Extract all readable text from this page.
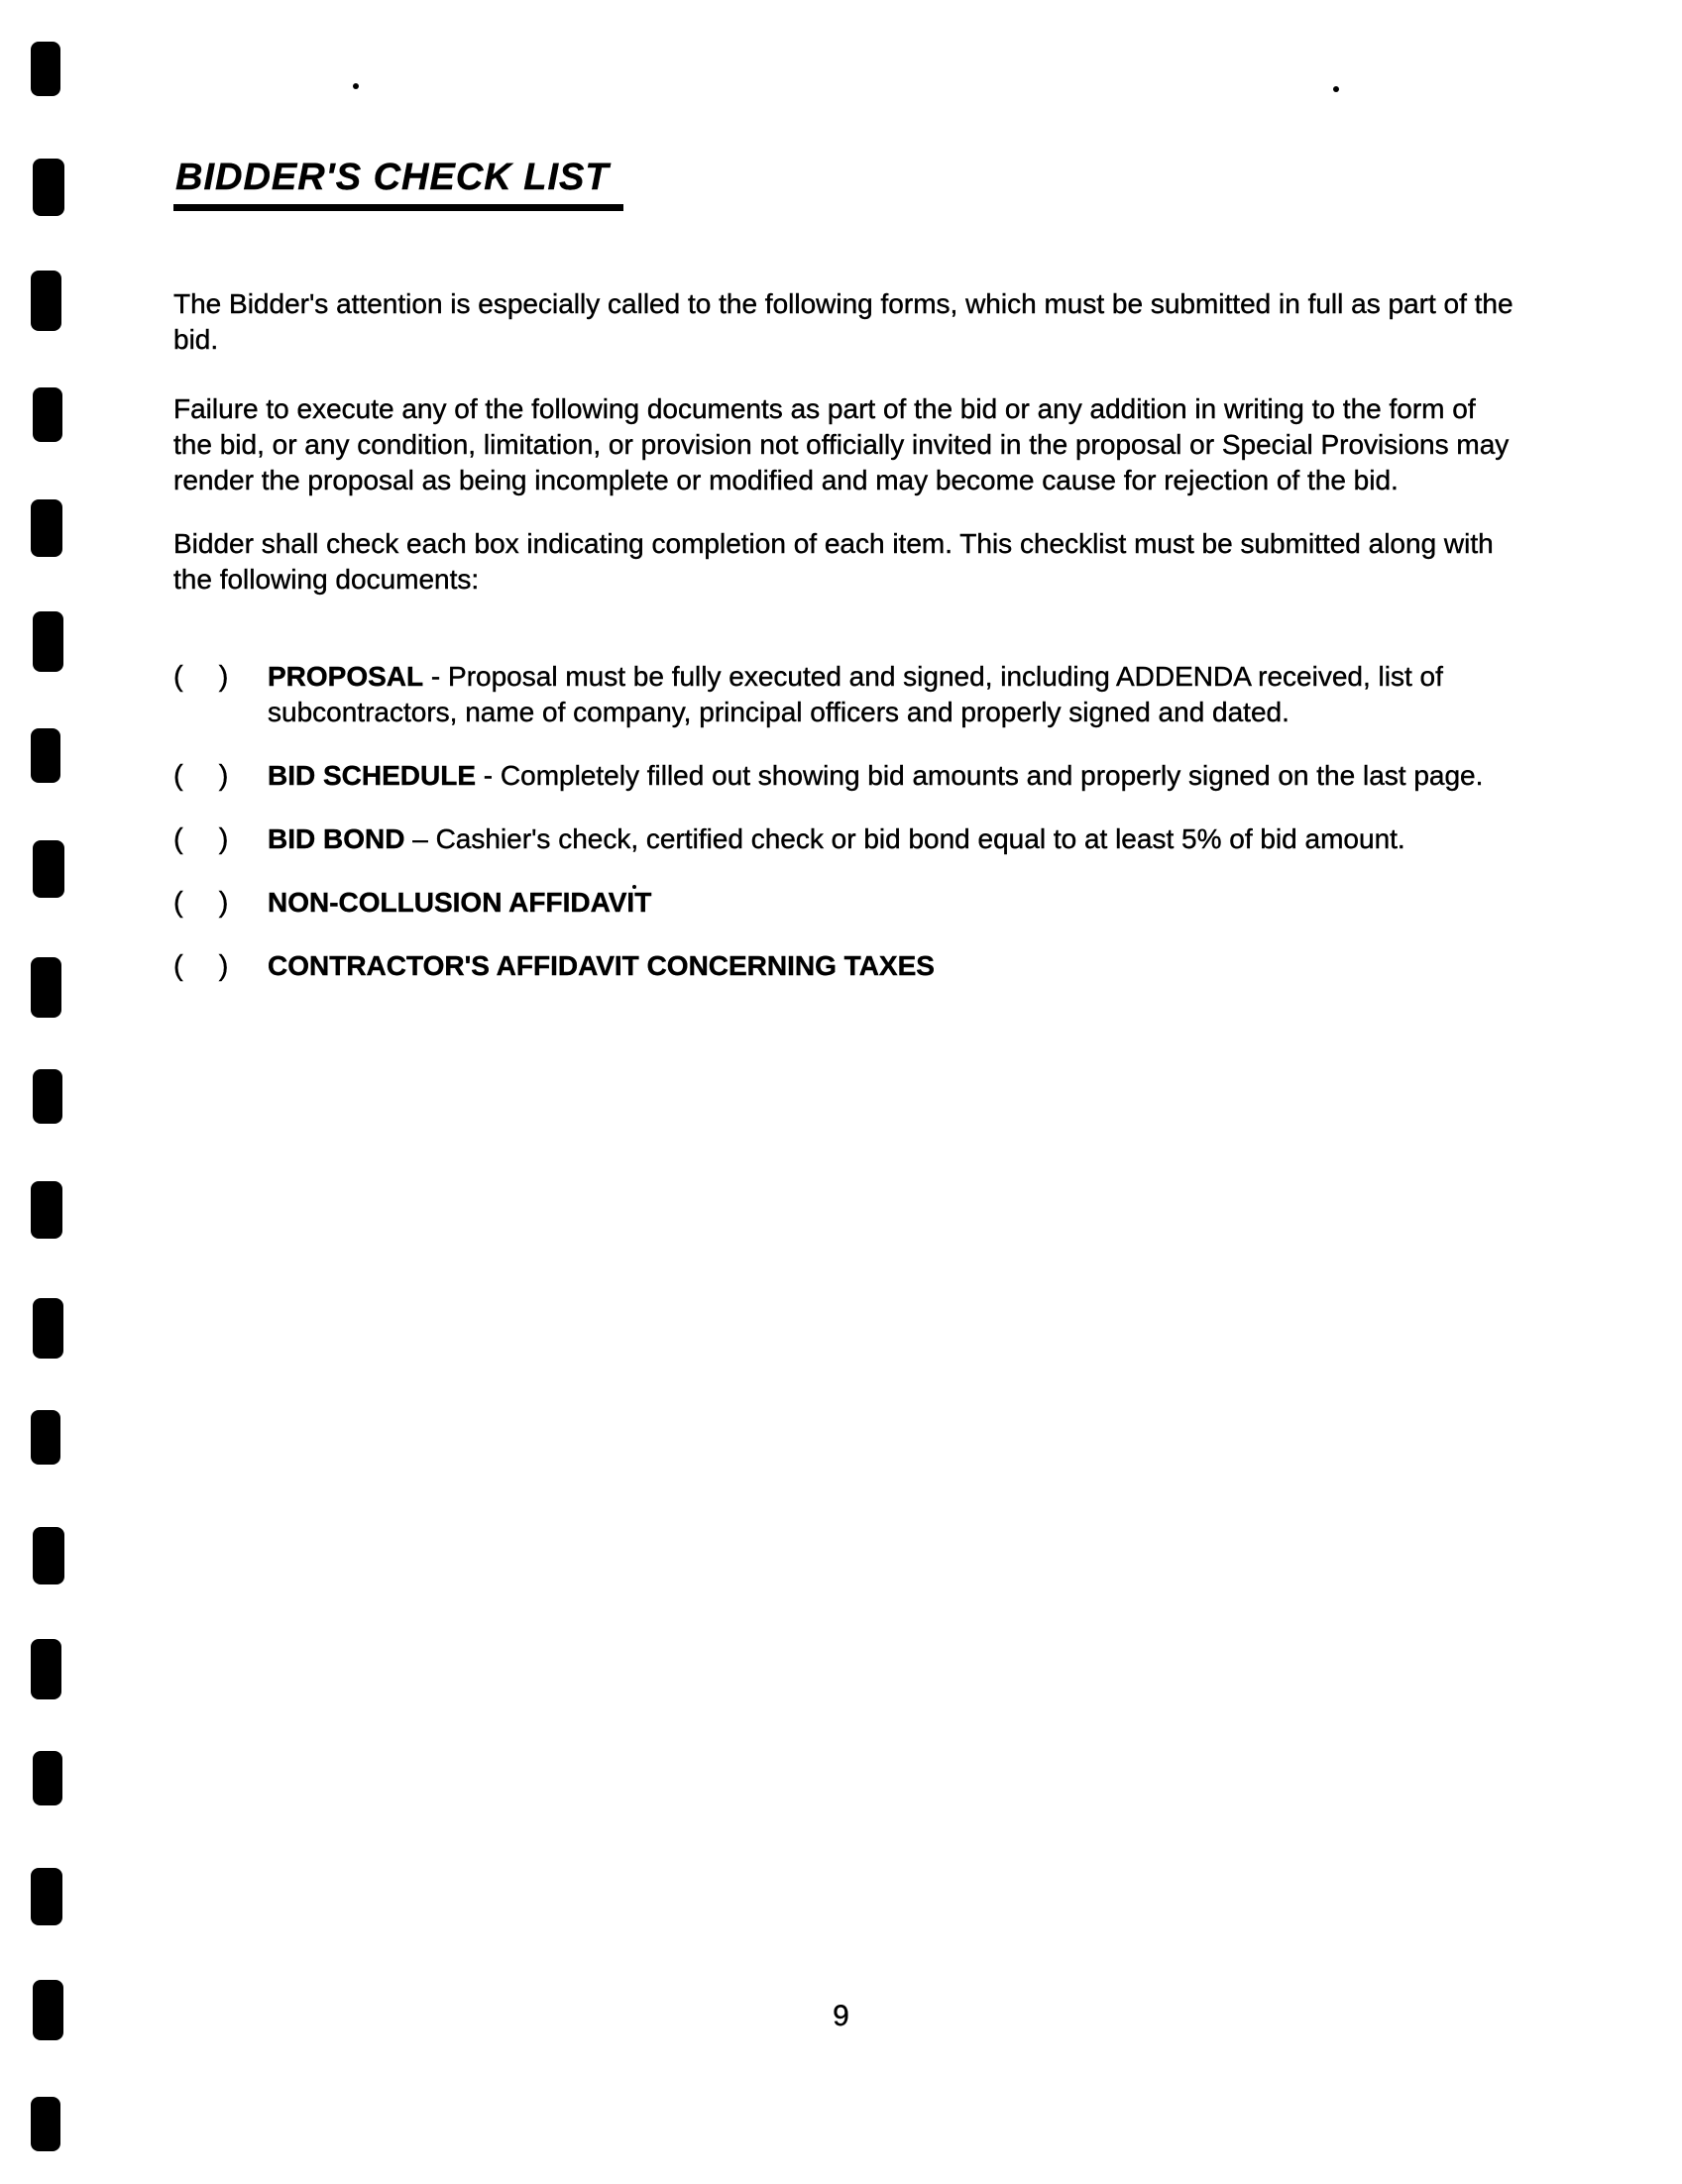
BIDDER'S CHECK LIST

The Bidder's attention is especially called to the following forms, which must be submitted in full as part of the bid.

Failure to execute any of the following documents as part of the bid or any addition in writing to the form of the bid, or any condition, limitation, or provision not officially invited in the proposal or Special Provisions may render the proposal as being incomplete or modified and may become cause for rejection of the bid.

Bidder shall check each box indicating completion of each item. This checklist must be submitted along with the following documents:

( ) PROPOSAL - Proposal must be fully executed and signed, including ADDENDA received, list of subcontractors, name of company, principal officers and properly signed and dated.
( ) BID SCHEDULE - Completely filled out showing bid amounts and properly signed on the last page.
( ) BID BOND – Cashier's check, certified check or bid bond equal to at least 5% of bid amount.
( ) NON-COLLUSION AFFIDAVIT
( ) CONTRACTOR'S AFFIDAVIT CONCERNING TAXES
9
